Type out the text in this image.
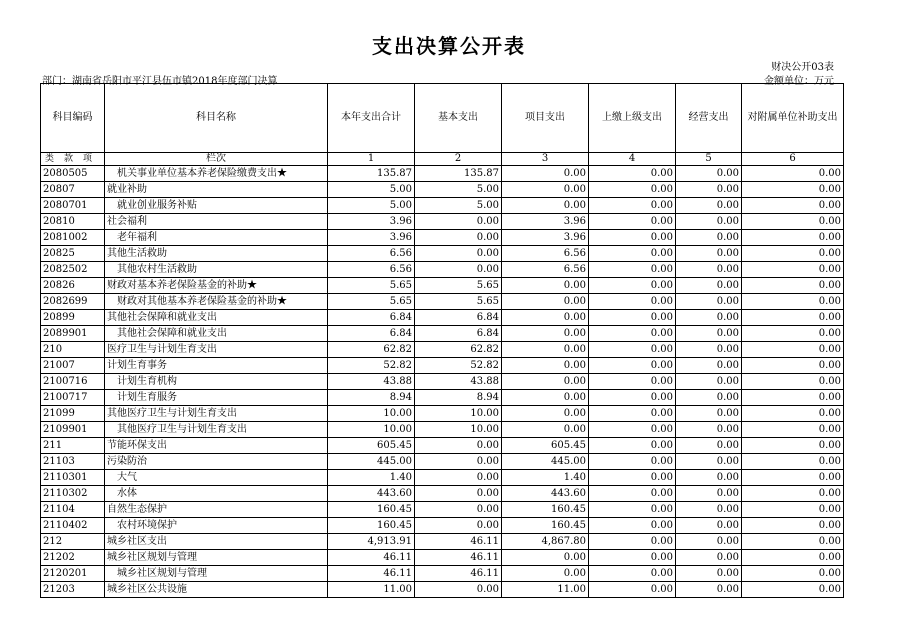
支出决算公开表
财决公开03表
部门：湖南省岳阳市平江县伍市镇2018年度部门决算	金额单位：万元
科目编码	科目名称	本年支出合计	基本支出	项目支出	上缴上级支出	经营支出	对附属单位补助支出
类款项	栏次	1	2	3	4	5	6
2080505	机关事业单位基本养老保险缴费支出★	135.87	135.87	0.00	0.00	0.00	0.00
20807	就业补助	5.00	5.00	0.00	0.00	0.00	0.00
2080701	就业创业服务补贴	5.00	5.00	0.00	0.00	0.00	0.00
20810	社会福利	3.96	0.00	3.96	0.00	0.00	0.00
2081002	老年福利	3.96	0.00	3.96	0.00	0.00	0.00
20825	其他生活救助	6.56	0.00	6.56	0.00	0.00	0.00
2082502	其他农村生活救助	6.56	0.00	6.56	0.00	0.00	0.00
20826	财政对基本养老保险基金的补助★	5.65	5.65	0.00	0.00	0.00	0.00
2082699	财政对其他基本养老保险基金的补助★	5.65	5.65	0.00	0.00	0.00	0.00
20899	其他社会保障和就业支出	6.84	6.84	0.00	0.00	0.00	0.00
2089901	其他社会保障和就业支出	6.84	6.84	0.00	0.00	0.00	0.00
210	医疗卫生与计划生育支出	62.82	62.82	0.00	0.00	0.00	0.00
21007	计划生育事务	52.82	52.82	0.00	0.00	0.00	0.00
2100716	计划生育机构	43.88	43.88	0.00	0.00	0.00	0.00
2100717	计划生育服务	8.94	8.94	0.00	0.00	0.00	0.00
21099	其他医疗卫生与计划生育支出	10.00	10.00	0.00	0.00	0.00	0.00
2109901	其他医疗卫生与计划生育支出	10.00	10.00	0.00	0.00	0.00	0.00
211	节能环保支出	605.45	0.00	605.45	0.00	0.00	0.00
21103	污染防治	445.00	0.00	445.00	0.00	0.00	0.00
2110301	大气	1.40	0.00	1.40	0.00	0.00	0.00
2110302	水体	443.60	0.00	443.60	0.00	0.00	0.00
21104	自然生态保护	160.45	0.00	160.45	0.00	0.00	0.00
2110402	农村环境保护	160.45	0.00	160.45	0.00	0.00	0.00
212	城乡社区支出	4,913.91	46.11	4,867.80	0.00	0.00	0.00
21202	城乡社区规划与管理	46.11	46.11	0.00	0.00	0.00	0.00
2120201	城乡社区规划与管理	46.11	46.11	0.00	0.00	0.00	0.00
21203	城乡社区公共设施	11.00	0.00	11.00	0.00	0.00	0.00
